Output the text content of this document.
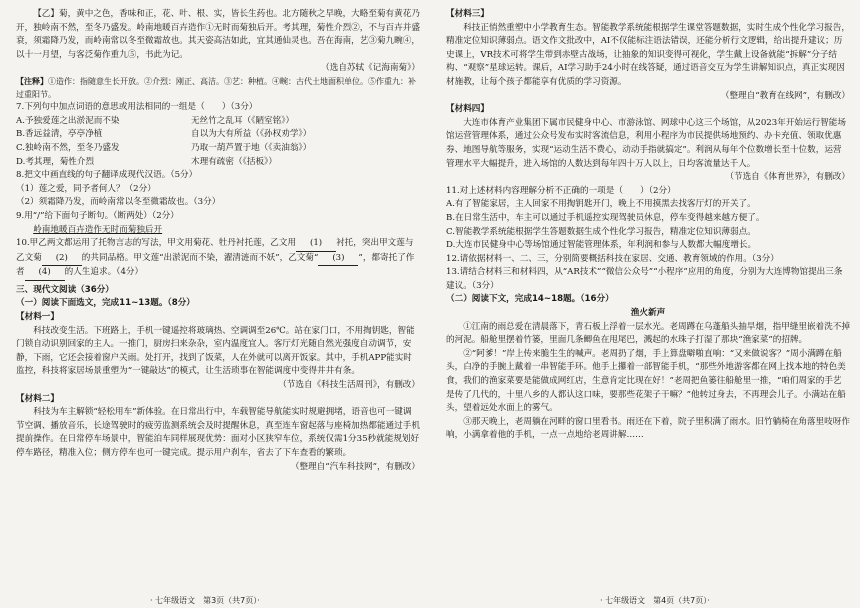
【乙】菊，黄中之色，香味和正，花、叶、根、实，皆长生药也。北方随秋之早晚，大略至菊有黄花乃开，独岭南不然，至冬乃盛发。岭南地暖百卉造作①无时而菊独后开。考其理，菊性介烈②，不与百卉并盛衰，须霜降乃发，而岭南常以冬至微霜故也。其天姿高洁如此，宜其通仙灵也。吾在海南，艺③菊九畹④，以十一月望，与客泛菊作重九⑤，书此为记。

（选自苏轼《记海南菊》）

【注释】①造作：指随意生长开放。②介烈：刚正、高洁。③艺：种植。④畹：古代土地面积单位。⑤作重九：补过重阳节。

7.下列句中加点词语的意思或用法相同的一组是（　　）（3分）

A.予独爱莲之出淤泥而不染	无丝竹之乱耳（《陋室铭》）
B.香远益清，亭亭净植	自以为大有所益（《孙权劝学》）
C.独岭南不然，至冬乃盛发	乃取一葫芦置于地（《卖油翁》）
D.考其理，菊性介烈	木理有疏密（《括板》）

8.把文中画直线的句子翻译成现代汉语。（5分）

（1）莲之爱，同予者何人？（2分）

（2）须霜降乃发，而岭南常以冬至微霜故也。（3分）

9.用“/”给下面句子断句。（断两处）（2分）

岭南地暖百卉造作无时而菊独后开

10.甲乙两文都运用了托物言志的写法，甲文用菊花、牡丹衬托莲，乙文用 (1) 衬托，突出甲文莲与乙文菊 (2) 的共同品格。甲文莲“出淤泥而不染，濯清涟而不妖”，乙文菊“ (3) ”，都寄托了作者 (4) 的人生追求。（4分）

三、现代文阅读（36分）

（一）阅读下面选文，完成11~13题。（8分）

【材料一】

科技改变生活。下班路上，手机一键遥控将玻璃热、空调调至26℃。站在家门口，不用掏钥匙，智能门锁自动识别回家的主人。一推门，厨房扫来杂杂，室内温度宜人。客厅灯光随自然光强度自动调节，安静，下雨，它还会接着窗户关雨。处打开，找到了饭菜，人在外就可以离开饭家。其中，手机APP能实时监控，科技将家居场景重塑为“一键敲达”的模式，让生活琐事在智能调度中变得井井有条。

（节选自《科技生活周刊》，有删改）

【材料二】

科技为车主解锁“轻松用车”新体验。在日常出行中，车载智能导航能实时规避拥堵，语音也可一键调节空调、播放音乐，长途驾驶时的疲劳监测系统会及时提醒休息，真至连车窗起落与座椅加热都能通过手机提前操作。在日常停车场景中，智能泊车同样展现优势：面对小区狭窄车位，系统仅需1分35秒就能规划好停车路径，精准入位；侧方停车也可一键完成。提示用户刹车，省去了下车查看的繁琐。

（整理自“汽车科技网”，有删改）

【材料三】

科技正悄然重塑中小学教育生态。智能教学系统能根据学生课堂答题数据，实时生成个性化学习报告，精准定位知识薄弱点。语文作文批改中，AI不仅能标注语法错误，还能分析行文逻辑，给出提升建议；历史课上，VR技术可将学生带到赤壁古战场，让抽象的知识变得可视化，学生戴上设备就能“拆解”分子结构、“观察”星球运转。课后，AI学习助手24小时在线答疑，通过语音交互为学生讲解知识点，真正实现因材施教，让每个孩子都能享有优质的学习资源。

（整理自“教育在线网”，有删改）

【材料四】

大连市体育产业集团下属市民健身中心、市游泳馆、网球中心这三个场馆，从2023年开始运行智能场馆运营管理体系，通过公众号发布实时客流信息，利用小程序为市民提供场地预约、办卡充值、领取优惠券、地图导航等服务，实现“运动生活不费心，动动手指就搞定”。利润从每年个位数增长至十位数，运营管理水平大幅提升，进入场馆的人数达到每年四十万人以上，日均客流量达千人。

（节选自《体育世界》，有删改）

11.对上述材料内容理解分析不正确的一项是（　　）（2分）

A.有了智能家居，主人回家不用掏钥匙开门，晚上不用摸黑去找客厅灯的开关了。

B.在日常生活中，车主可以通过手机遥控实现驾驶员休息，停车变得越来越方便了。

C.智能教学系统能根据学生答题数据生成个性化学习报告，精准定位知识薄弱点。

D.大连市民健身中心等场馆通过智能管理体系，年利润和参与人数都大幅度增长。

12.请依据材料一、二、三，分别简要概括科技在家居、交通、教育领域的作用。（3分）

13.请结合材料三和材料四，从“AR技术”“微信公众号”“小程序”应用的角度，分别为大连博物馆提出三条建议。（3分）

（二）阅读下文，完成14~18题。（16分）

渔火新声

①江南的雨总爱在清晨落下，青石板上浮着一层水光。老周蹲在乌蓬船头抽旱烟，指甲缝里嵌着洗不掉的河泥。船舱里摆着竹篓，里面几条鲫鱼在甩尾巴，溅起的水珠子打湿了那块“渔家菜”的招牌。

②“阿爹！”岸上传来脆生生的喊声。老周扔了烟，手上算盘噼啪直响：“又来做说客？”周小满蹲在船头，白净的手腕上戴着一串智能手环。他手上攥着一部智能手机，“那些外地游客都在网上找本地的特色美食，我们的渔家菜要是能做成网红店，生意肯定比现在好！”老周把鱼篓往船舱里一推，“咱们周家的手艺是传了几代的，十里八乡的人都认这口味，要那些花架子干嘛？”他转过身去，不再理会儿子。小满站在船头，望着远处水面上的雾气。

③那天晚上，老周躺在河畔的窗口里看书。雨还在下着，院子里积满了雨水。旧竹躺椅在角落里吱呀作响，小满拿着他的手机，一点一点地给老周讲解……

· 七年级语文　第3页（共7页）·	· 七年级语文　第4页（共7页）·
